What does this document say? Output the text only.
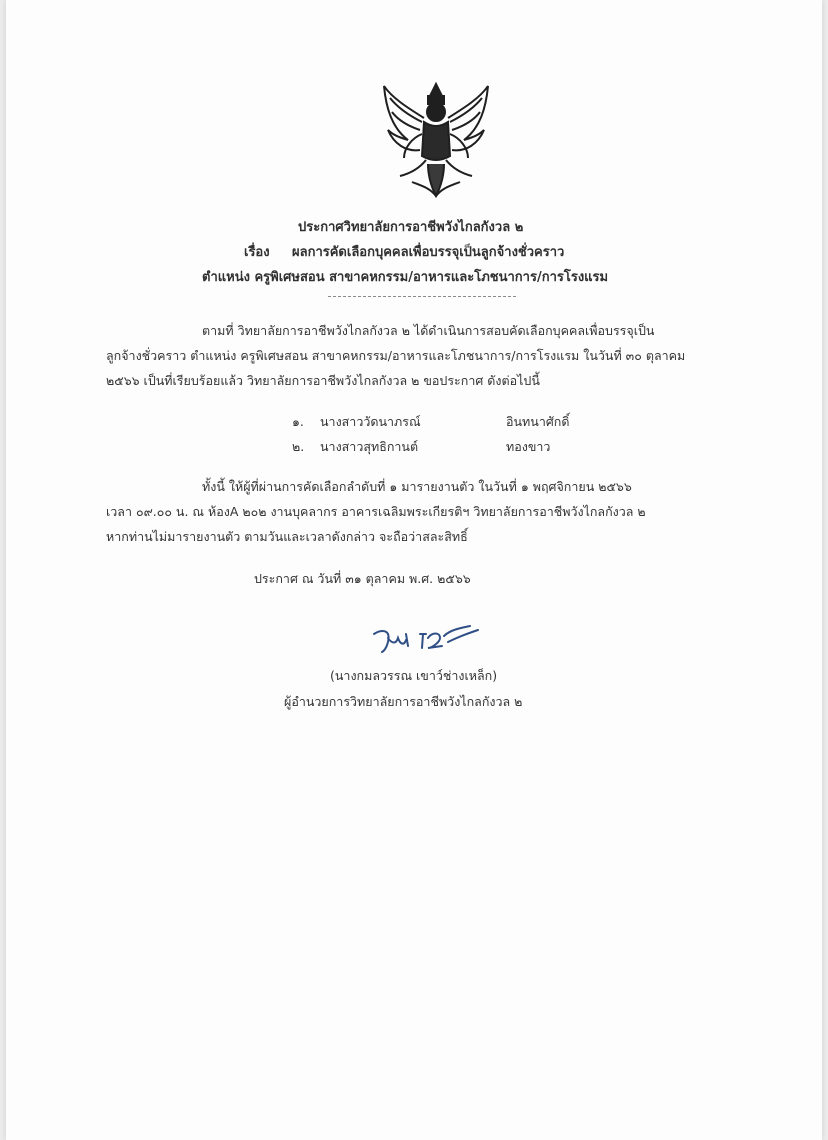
ประกาศวิทยาลัยการอาชีพวังไกลกังวล ๒
เรื่อง ผลการคัดเลือกบุคคลเพื่อบรรจุเป็นลูกจ้างชั่วคราว
ตำแหน่ง ครูพิเศษสอน สาขาคหกรรม/อาหารและโภชนาการ/การโรงแรม
ตามที่ วิทยาลัยการอาชีพวังไกลกังวล ๒ ได้ดำเนินการสอบคัดเลือกบุคคลเพื่อบรรจุเป็น
ลูกจ้างชั่วคราว ตำแหน่ง ครูพิเศษสอน สาขาคหกรรม/อาหารและโภชนาการ/การโรงแรม ในวันที่ ๓๐ ตุลาคม
๒๕๖๖ เป็นที่เรียบร้อยแล้ว วิทยาลัยการอาชีพวังไกลกังวล ๒ ขอประกาศ ดังต่อไปนี้
๑. นางสาววัดนาภรณ์	อินทนาศักดิ์
๒. นางสาวสุทธิกานต์	ทองขาว
ทั้งนี้ ให้ผู้ที่ผ่านการคัดเลือกลำดับที่ ๑ มารายงานตัว ในวันที่ ๑ พฤศจิกายน ๒๕๖๖
เวลา ๐๙.๐๐ น. ณ ห้องA ๒๐๒ งานบุคลากร อาคารเฉลิมพระเกียรติฯ วิทยาลัยการอาชีพวังไกลกังวล ๒
หากท่านไม่มารายงานตัว ตามวันและเวลาดังกล่าว จะถือว่าสละสิทธิ์
ประกาศ ณ วันที่ ๓๑ ตุลาคม พ.ศ. ๒๕๖๖
(นางกมลวรรณ เขาว์ช่างเหล็ก)
ผู้อำนวยการวิทยาลัยการอาชีพวังไกลกังวล ๒
